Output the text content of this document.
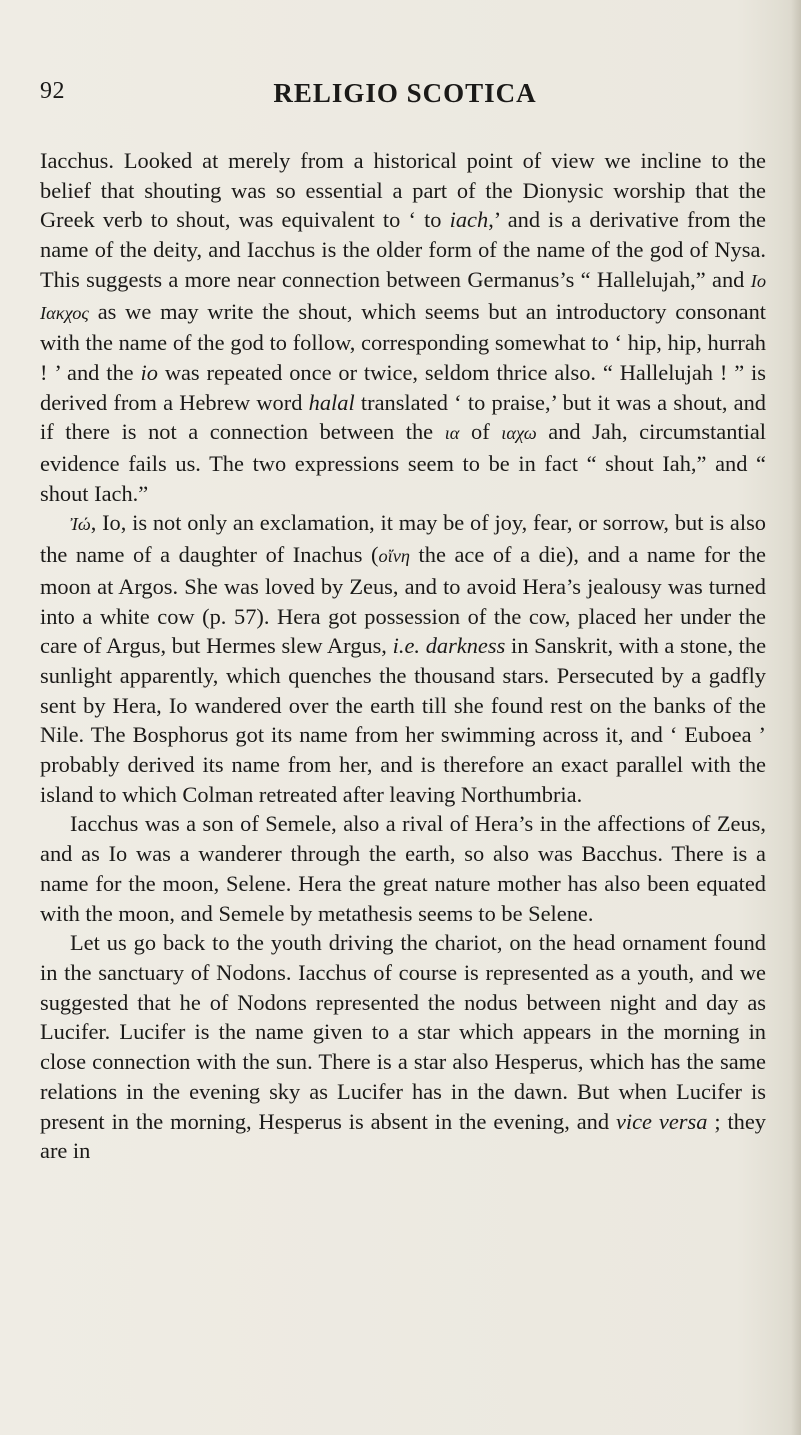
92	RELIGIO SCOTICA

Iacchus. Looked at merely from a historical point of view we incline to the belief that shouting was so essential a part of the Dionysic worship that the Greek verb to shout, was equivalent to ‘ to iach,’ and is a derivative from the name of the deity, and Iacchus is the older form of the name of the god of Nysa. This suggests a more near connection between Germanus’s “ Hallelujah,” and Io Ιακχος as we may write the shout, which seems but an introductory consonant with the name of the god to follow, corresponding somewhat to ‘ hip, hip, hurrah ! ’ and the io was repeated once or twice, seldom thrice also. “ Hallelujah ! ” is derived from a Hebrew word halal translated ‘ to praise,’ but it was a shout, and if there is not a connection between the ια of ιαχω and Jah, circumstantial evidence fails us. The two expressions seem to be in fact “ shout Iah,” and “ shout Iach.”

Ἰώ, Io, is not only an exclamation, it may be of joy, fear, or sorrow, but is also the name of a daughter of Inachus (οἴνη the ace of a die), and a name for the moon at Argos. She was loved by Zeus, and to avoid Hera’s jealousy was turned into a white cow (p. 57). Hera got possession of the cow, placed her under the care of Argus, but Hermes slew Argus, i.e. darkness in Sanskrit, with a stone, the sunlight apparently, which quenches the thousand stars. Persecuted by a gadfly sent by Hera, Io wandered over the earth till she found rest on the banks of the Nile. The Bosphorus got its name from her swimming across it, and ‘ Euboea ’ probably derived its name from her, and is therefore an exact parallel with the island to which Colman retreated after leaving Northumbria.

Iacchus was a son of Semele, also a rival of Hera’s in the affections of Zeus, and as Io was a wanderer through the earth, so also was Bacchus. There is a name for the moon, Selene. Hera the great nature mother has also been equated with the moon, and Semele by metathesis seems to be Selene.

Let us go back to the youth driving the chariot, on the head ornament found in the sanctuary of Nodons. Iacchus of course is represented as a youth, and we suggested that he of Nodons represented the nodus between night and day as Lucifer. Lucifer is the name given to a star which appears in the morning in close connection with the sun. There is a star also Hesperus, which has the same relations in the evening sky as Lucifer has in the dawn. But when Lucifer is present in the morning, Hesperus is absent in the evening, and vice versa ; they are in
